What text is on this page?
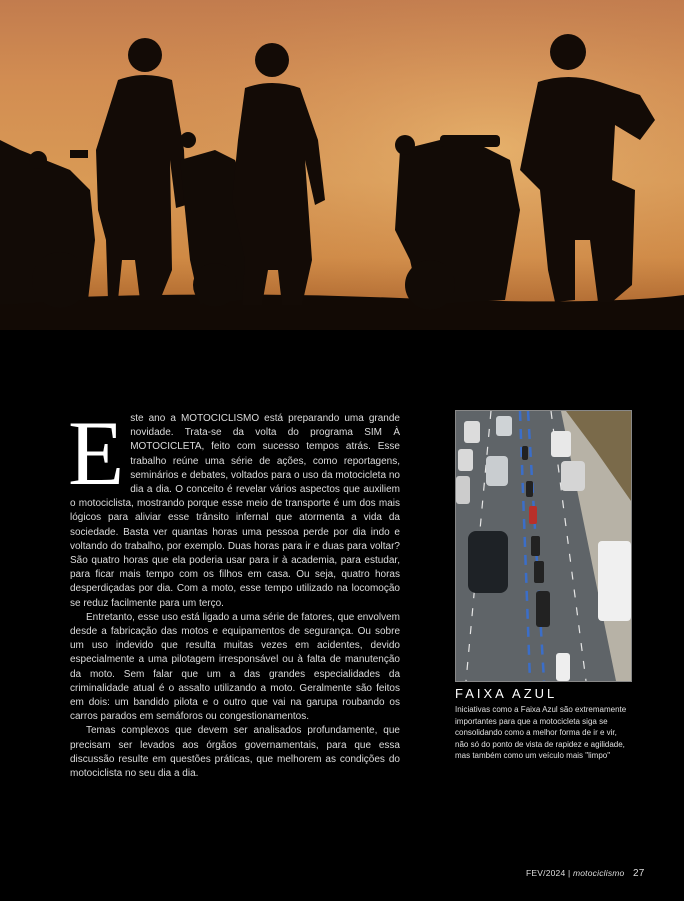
Este ano a MOTOCICLISMO está preparando uma grande novidade. Trata-se da volta do programa SIM À MOTOCICLETA, feito com sucesso tempos atrás. Esse trabalho reúne uma série de ações, como reportagens, seminários e debates, voltados para o uso da motocicleta no dia a dia. O conceito é revelar vários aspectos que auxiliem o motociclista, mostrando porque esse meio de transporte é um dos mais lógicos para aliviar esse trânsito infernal que atormenta a vida da sociedade. Basta ver quantas horas uma pessoa perde por dia indo e voltando do trabalho, por exemplo. Duas horas para ir e duas para voltar? São quatro horas que ela poderia usar para ir à academia, para estudar, para ficar mais tempo com os filhos em casa. Ou seja, quatro horas desperdiçadas por dia. Com a moto, esse tempo utilizado na locomoção se reduz facilmente para um terço.

Entretanto, esse uso está ligado a uma série de fatores, que envolvem desde a fabricação das motos e equipamentos de segurança. Ou sobre um uso indevido que resulta muitas vezes em acidentes, devido especialmente a uma pilotagem irresponsável ou à falta de manutenção da moto. Sem falar que um a das grandes especialidades da criminalidade atual é o assalto utilizando a moto. Geralmente são feitos em dois: um bandido pilota e o outro que vai na garupa roubando os carros parados em semáforos ou congestionamentos.

Temas complexos que devem ser analisados profundamente, que precisam ser levados aos órgãos governamentais, para que essa discussão resulte em questões práticas, que melhorem as condições do motociclista no seu dia a dia.

FAIXA AZUL
Iniciativas como a Faixa Azul são extremamente importantes para que a motocicleta siga se consolidando como a melhor forma de ir e vir, não só do ponto de vista de rapidez e agilidade, mas também como um veículo mais "limpo"
FEV/2024 | motociclismo 27
